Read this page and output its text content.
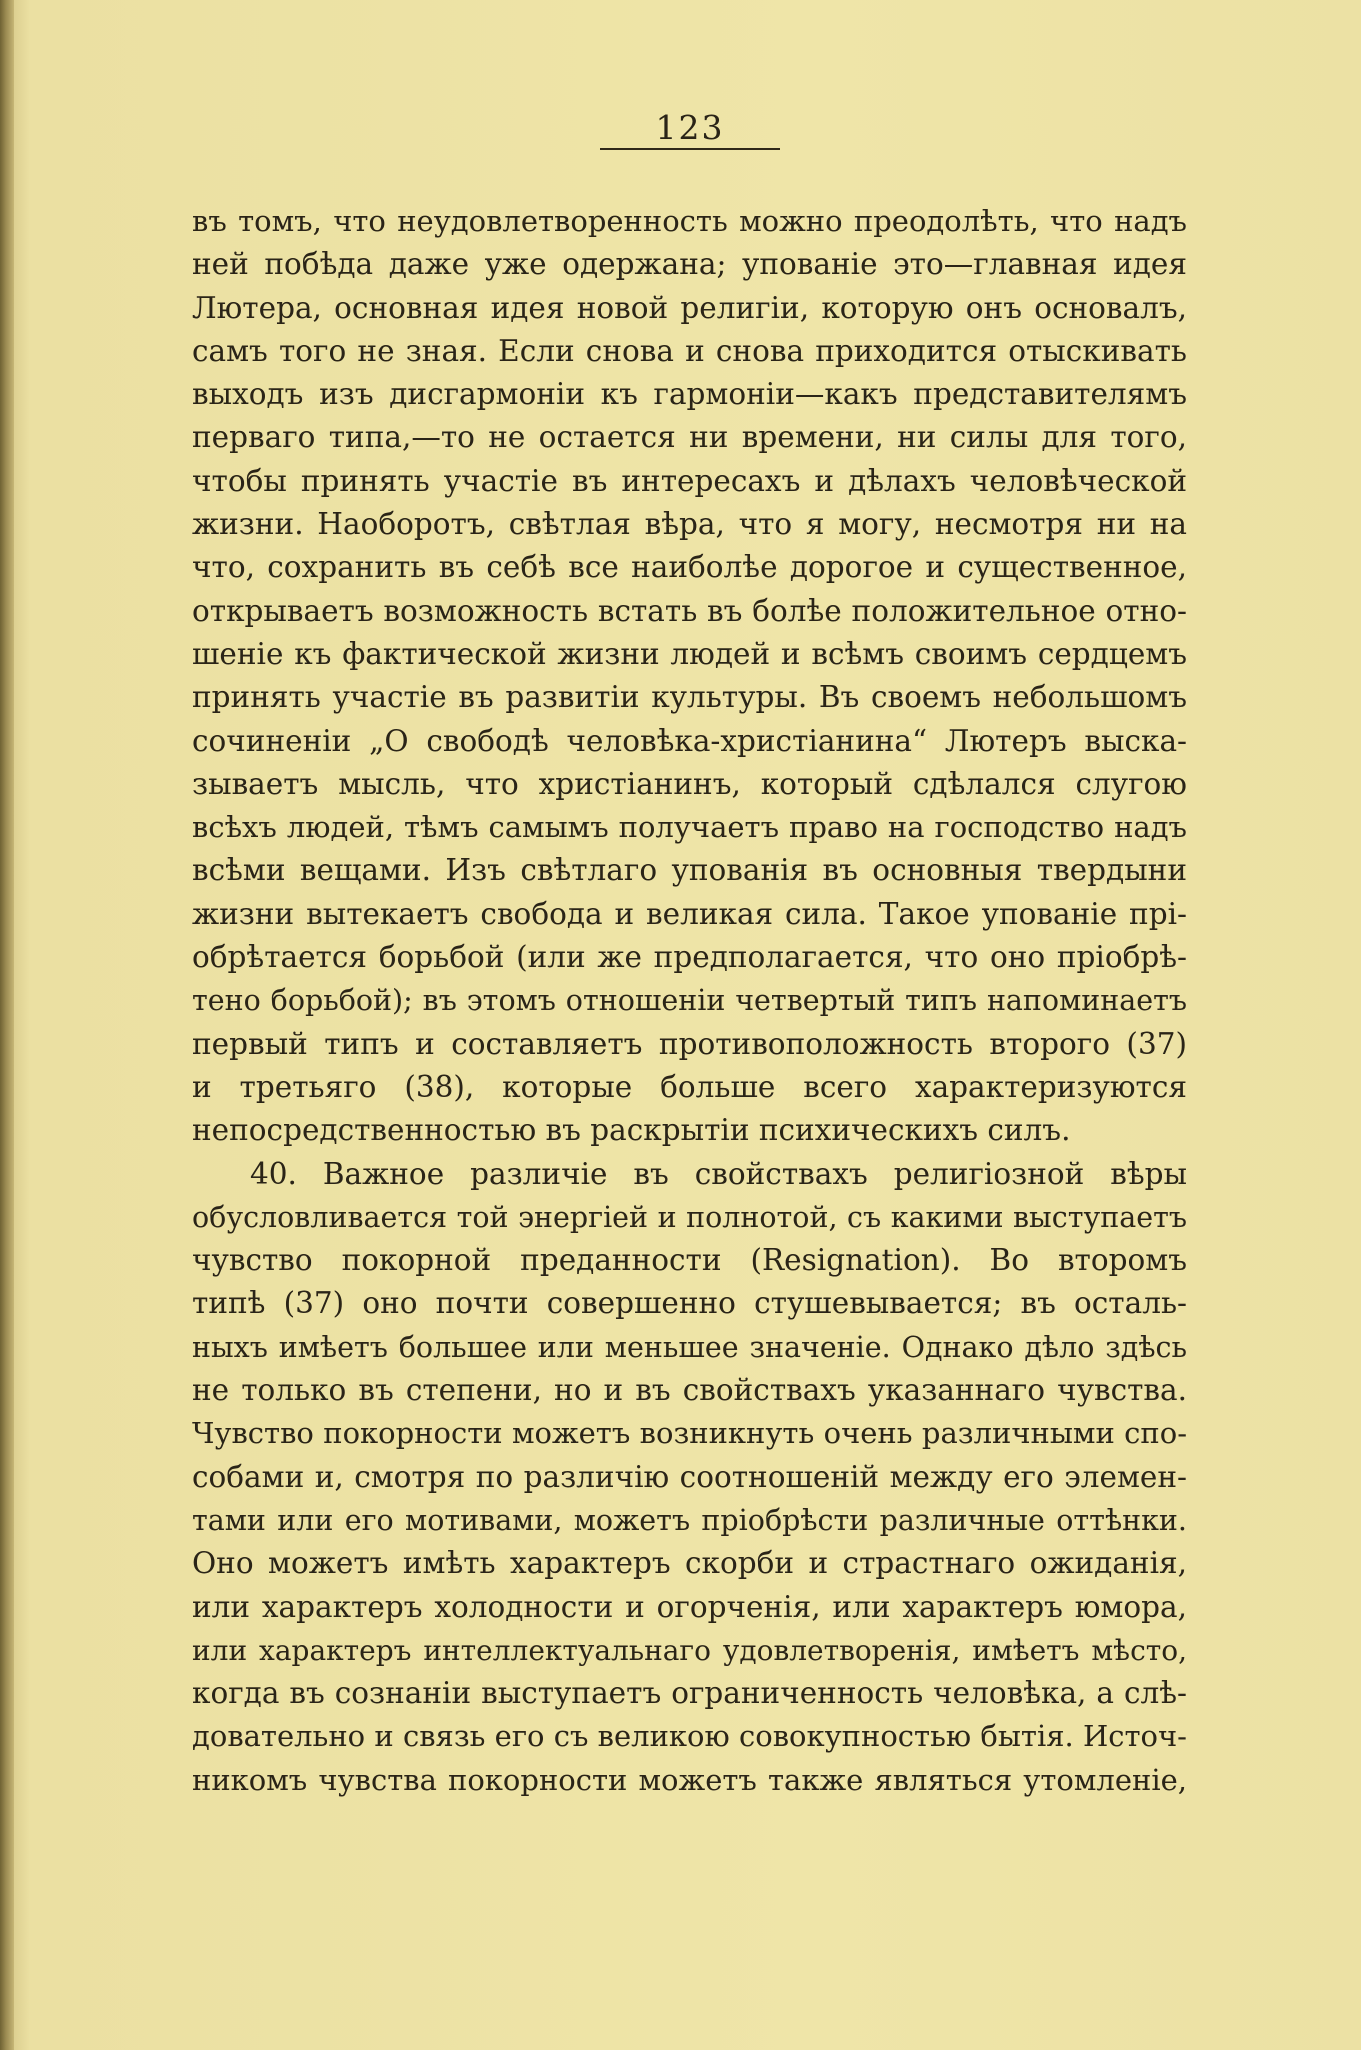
123
въ томъ, что неудовлетворенность можно преодолѣть, что надъ
ней побѣда даже уже одержана; упованіе это—главная идея
Лютера, основная идея новой религіи, которую онъ основалъ,
самъ того не зная. Если снова и снова приходится отыскивать
выходъ изъ дисгармоніи къ гармоніи—какъ представителямъ
перваго типа,—то не остается ни времени, ни силы для того,
чтобы принять участіе въ интересахъ и дѣлахъ человѣческой
жизни. Наоборотъ, свѣтлая вѣра, что я могу, несмотря ни на
что, сохранить въ себѣ все наиболѣе дорогое и существенное,
открываетъ возможность встать въ болѣе положительное отно-
шеніе къ фактической жизни людей и всѣмъ своимъ сердцемъ
принять участіе въ развитіи культуры. Въ своемъ небольшомъ
сочиненіи „О свободѣ человѣка-христіанина“ Лютеръ выска-
зываетъ мысль, что христіанинъ, который сдѣлался слугою
всѣхъ людей, тѣмъ самымъ получаетъ право на господство надъ
всѣми вещами. Изъ свѣтлаго упованія въ основныя твердыни
жизни вытекаетъ свобода и великая сила. Такое упованіе прі-
обрѣтается борьбой (или же предполагается, что оно пріобрѣ-
тено борьбой); въ этомъ отношеніи четвертый типъ напоминаетъ
первый типъ и составляетъ противоположность второго (37)
и третьяго (38), которые больше всего характеризуются
непосредственностью въ раскрытіи психическихъ силъ.
40. Важное различіе въ свойствахъ религіозной вѣры
обусловливается той энергіей и полнотой, съ какими выступаетъ
чувство покорной преданности (Resignation). Во второмъ
типѣ (37) оно почти совершенно стушевывается; въ осталь-
ныхъ имѣетъ большее или меньшее значеніе. Однако дѣло здѣсь
не только въ степени, но и въ свойствахъ указаннаго чувства.
Чувство покорности можетъ возникнуть очень различными спо-
собами и, смотря по различію соотношеній между его элемен-
тами или его мотивами, можетъ пріобрѣсти различные оттѣнки.
Оно можетъ имѣть характеръ скорби и страстнаго ожиданія,
или характеръ холодности и огорченія, или характеръ юмора,
или характеръ интеллектуальнаго удовлетворенія, имѣетъ мѣсто,
когда въ сознаніи выступаетъ ограниченность человѣка, а слѣ-
довательно и связь его съ великою совокупностью бытія. Источ-
никомъ чувства покорности можетъ также являться утомленіе,
